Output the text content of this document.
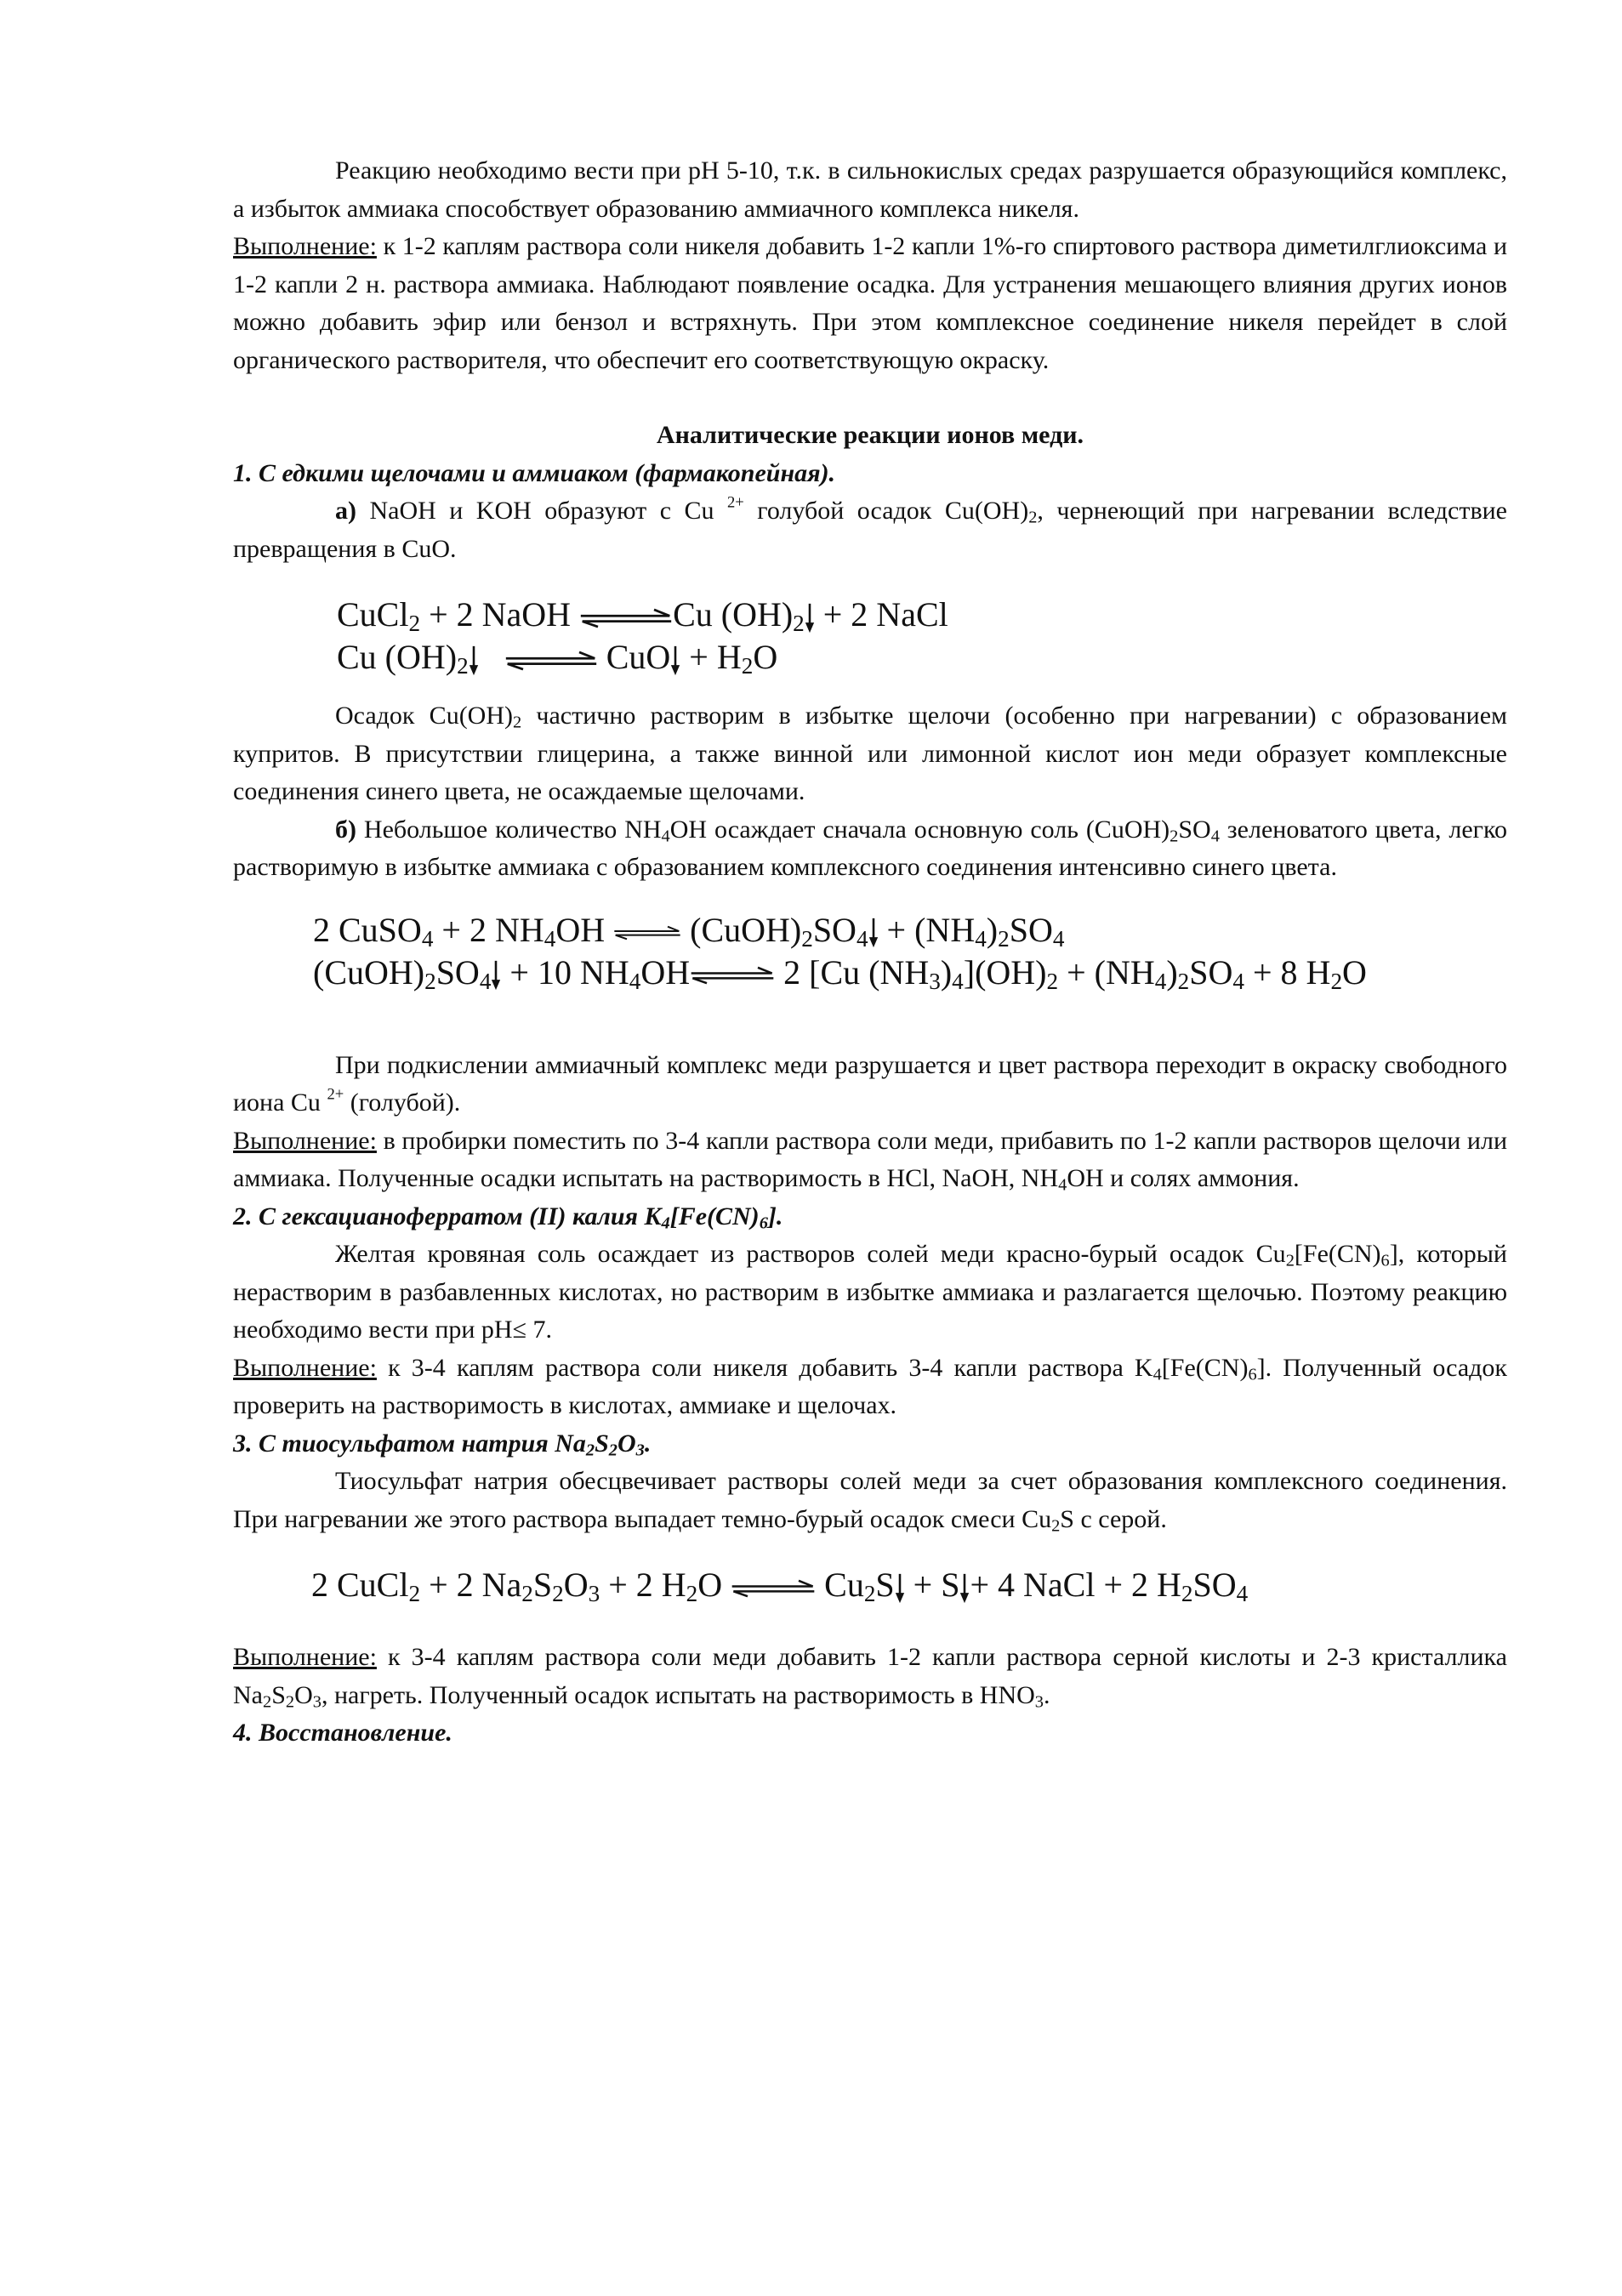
Реакцию необходимо вести при рН 5-10, т.к. в сильнокислых средах разрушается образующийся комплекс, а избыток аммиака способствует образованию аммиачного комплекса никеля.

Выполнение: к 1-2 каплям раствора соли никеля добавить 1-2 капли 1%-го спиртового раствора диметилглиоксима и 1-2 капли 2 н. раствора аммиака. Наблюдают появление осадка. Для устранения мешающего влияния других ионов можно добавить эфир или бензол и встряхнуть. При этом комплексное соединение никеля перейдет в слой органического растворителя, что обеспечит его соответствующую окраску.

Аналитические реакции ионов меди.

1. С едкими щелочами и аммиаком (фармакопейная).

а) NaOH и KOH образуют с Cu $^{2+}$ голубой осадок $Cu(OH)_2$, чернеющий при нагревании вследствие превращения в CuO.

CuCl$_2$ + 2 NaOH	Cu $(OH)_2 + 2$ NaCl
Cu $(OH)_2$	CuO + $H_2O$

Осадок $Cu(OH)_2$ частично растворим в избытке щелочи (особенно при нагревании) с образованием купритов. В присутствии глицерина, а также винной или лимонной кислот ион меди образует комплексные соединения синего цвета, не осаждаемые щелочами.

б) Небольшое количество $NH_4OH$ осаждает сначала основную соль $(CuOH)_2SO_4$ зеленоватого цвета, легко растворимую в избытке аммиака с образованием комплексного соединения интенсивно синего цвета.

2 CuSO$_4$ + 2 $NH_4OH$  $(CuOH)_2SO_4 + (NH_4)_2SO_4$
$(CuOH)_2SO_4 + 10$ $NH_4OH$	2 [Cu $(NH_3)_4](OH)_2 + (NH_4)_2SO_4 + 8$ $H_2O$

При подкислении аммиачный комплекс меди разрушается и цвет раствора переходит в окраску свободного иона Cu $^{2+}$ (голубой).

Выполнение: в пробирки поместить по 3-4 капли раствора соли меди, прибавить по 1-2 капли растворов щелочи или аммиака. Полученные осадки испытать на растворимость в HCl, NaOH, $NH_4OH$ и солях аммония.

2. С гексацианоферратом (II) калия $K_4[Fe(CN)_6]$.

Желтая кровяная соль осаждает из растворов солей меди красно-бурый осадок $Cu_2[Fe(CN)_6]$, который нерастворим в разбавленных кислотах, но растворим в избытке аммиака и разлагается щелочью. Поэтому реакцию необходимо вести при рН≤ 7.

Выполнение: к 3-4 каплям раствора соли никеля добавить 3-4 капли раствора $K_4[Fe(CN)_6]$. Полученный осадок проверить на растворимость в кислотах, аммиаке и щелочах.

3. С тиосульфатом натрия $Na_2S_2O_3$.

Тиосульфат натрия обесцвечивает растворы солей меди за счет образования комплексного соединения. При нагревании же этого раствора выпадает темно-бурый осадок смеси $Cu_2S$ с серой.

2 CuCl$_2$ + 2 $Na_2S_2O_3 + 2$ $H_2O$	$Cu_2S + S + 4$ NaCl + 2 $H_2SO_4$

Выполнение: к 3-4 каплям раствора соли меди добавить 1-2 капли раствора серной кислоты и 2-3 кристаллика $Na_2S_2O_3$, нагреть. Полученный осадок испытать на растворимость в $HNO_3$.

4. Восстановление.
